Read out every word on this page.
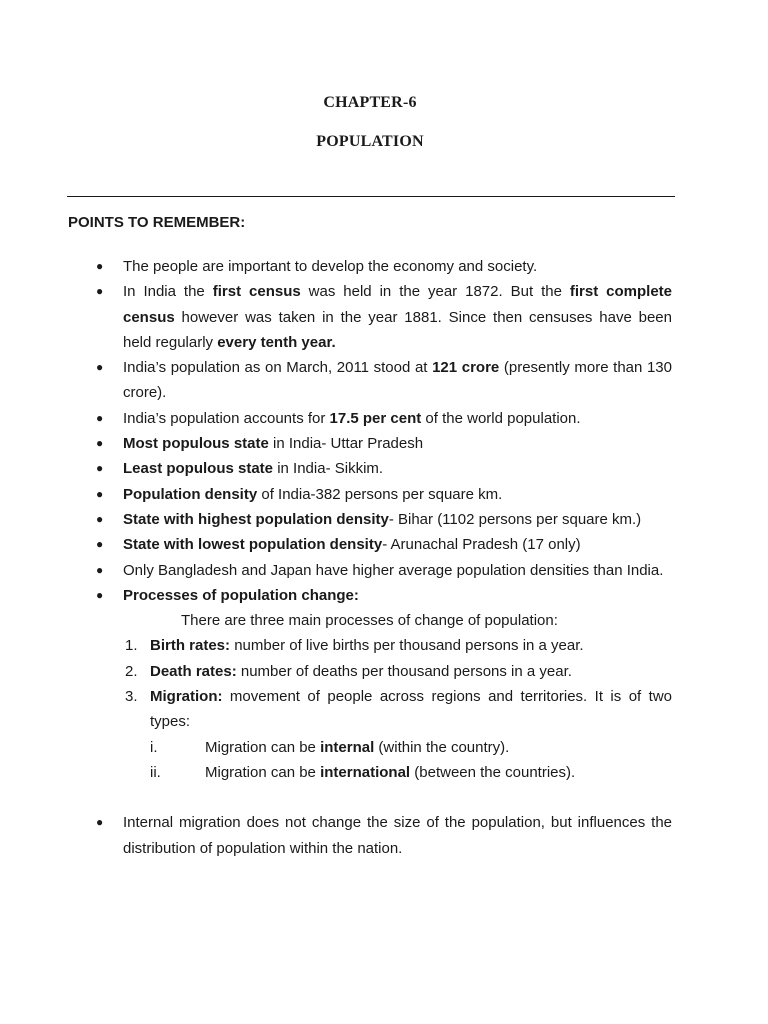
CHAPTER-6
POPULATION
POINTS TO REMEMBER:
● The people are important to develop the economy and society.
● In India the first census was held in the year 1872. But the first complete census however was taken in the year 1881. Since then censuses have been held regularly every tenth year.
● India’s population as on March, 2011 stood at 121 crore (presently more than 130 crore).
● India’s population accounts for 17.5 per cent of the world population.
● Most populous state in India- Uttar Pradesh
● Least populous state in India- Sikkim.
● Population density of India-382 persons per square km.
● State with highest population density- Bihar (1102 persons per square km.)
● State with lowest population density- Arunachal Pradesh (17 only)
● Only Bangladesh and Japan have higher average population densities than India.
● Processes of population change:
There are three main processes of change of population:
1. Birth rates: number of live births per thousand persons in a year.
2. Death rates: number of deaths per thousand persons in a year.
3. Migration: movement of people across regions and territories. It is of two types:
i.	Migration can be internal (within the country).
ii.	Migration can be international (between the countries).
● Internal migration does not change the size of the population, but influences the distribution of population within the nation.
